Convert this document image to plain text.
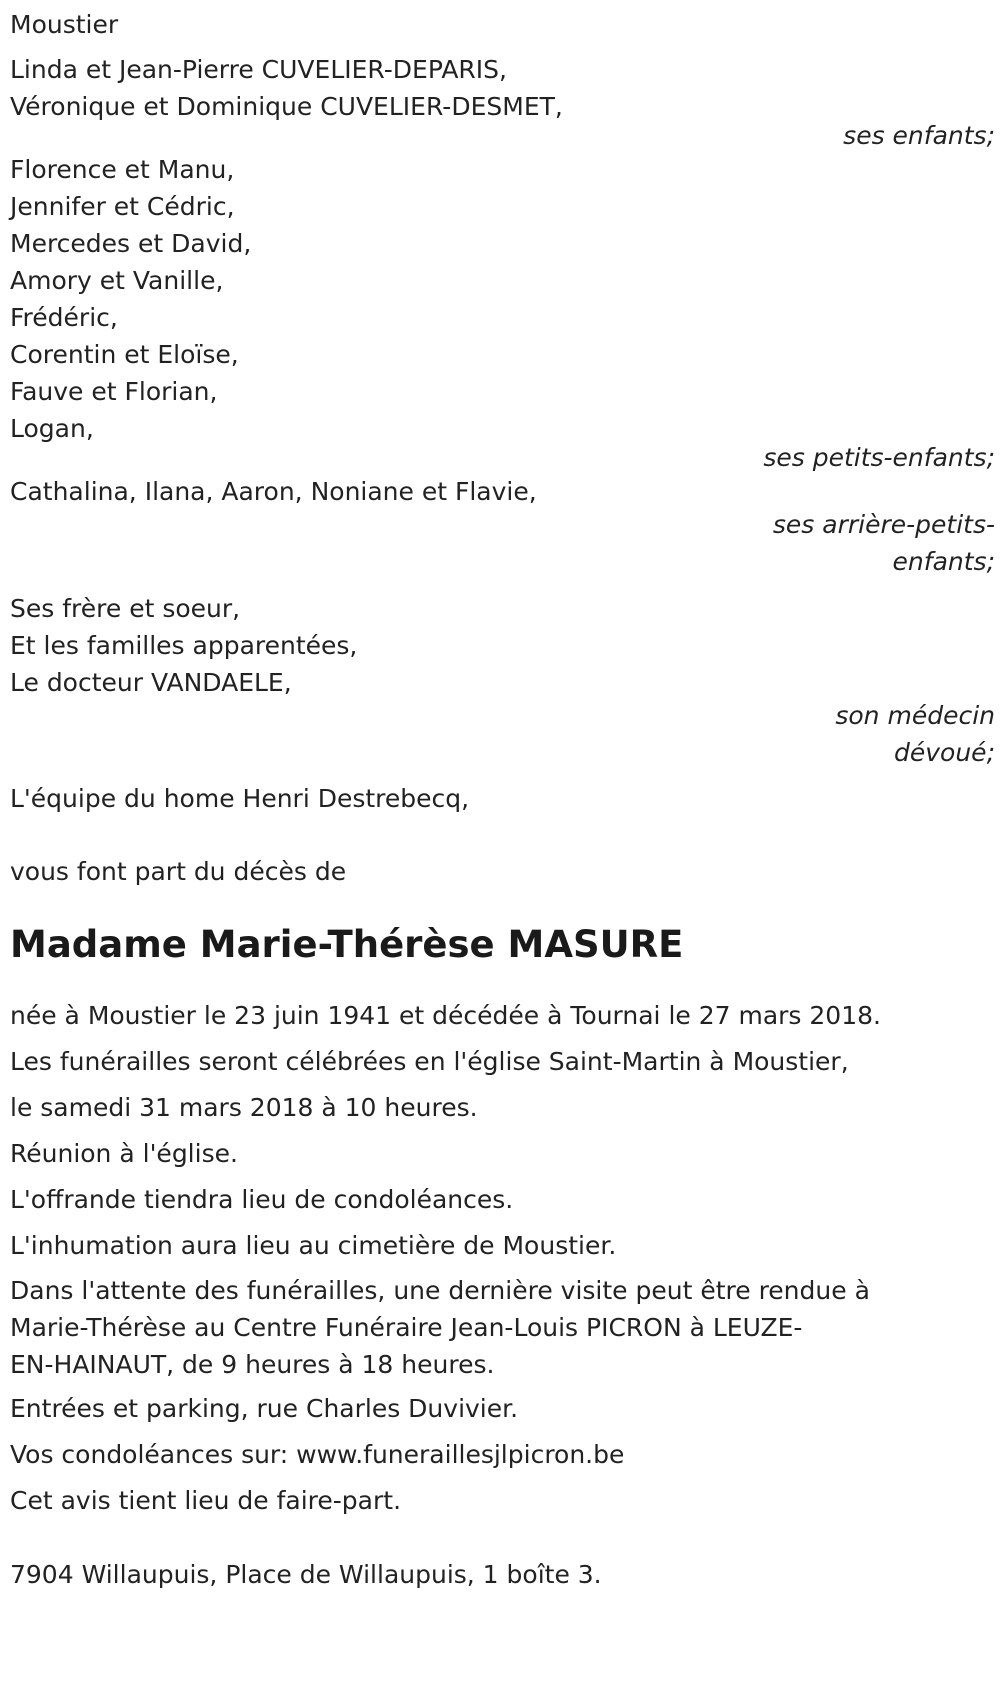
Moustier
Linda et Jean-Pierre CUVELIER-DEPARIS,
Véronique et Dominique CUVELIER-DESMET,
ses enfants;
Florence et Manu,
Jennifer et Cédric,
Mercedes et David,
Amory et Vanille,
Frédéric,
Corentin et Eloïse,
Fauve et Florian,
Logan,
ses petits-enfants;
Cathalina, Ilana, Aaron, Noniane et Flavie,
ses arrière-petits-
enfants;
Ses frère et soeur,
Et les familles apparentées,
Le docteur VANDAELE,
son médecin
dévoué;
L'équipe du home Henri Destrebecq,
vous font part du décès de
Madame Marie-Thérèse MASURE
née à Moustier le 23 juin 1941 et décédée à Tournai le 27 mars 2018.
Les funérailles seront célébrées en l'église Saint-Martin à Moustier,
le samedi 31 mars 2018 à 10 heures.
Réunion à l'église.
L'offrande tiendra lieu de condoléances.
L'inhumation aura lieu au cimetière de Moustier.
Dans l'attente des funérailles, une dernière visite peut être rendue à
Marie-Thérèse au Centre Funéraire Jean-Louis PICRON à LEUZE-
EN-HAINAUT, de 9 heures à 18 heures.
Entrées et parking, rue Charles Duvivier.
Vos condoléances sur: www.funeraillesjlpicron.be
Cet avis tient lieu de faire-part.
7904 Willaupuis, Place de Willaupuis, 1 boîte 3.
